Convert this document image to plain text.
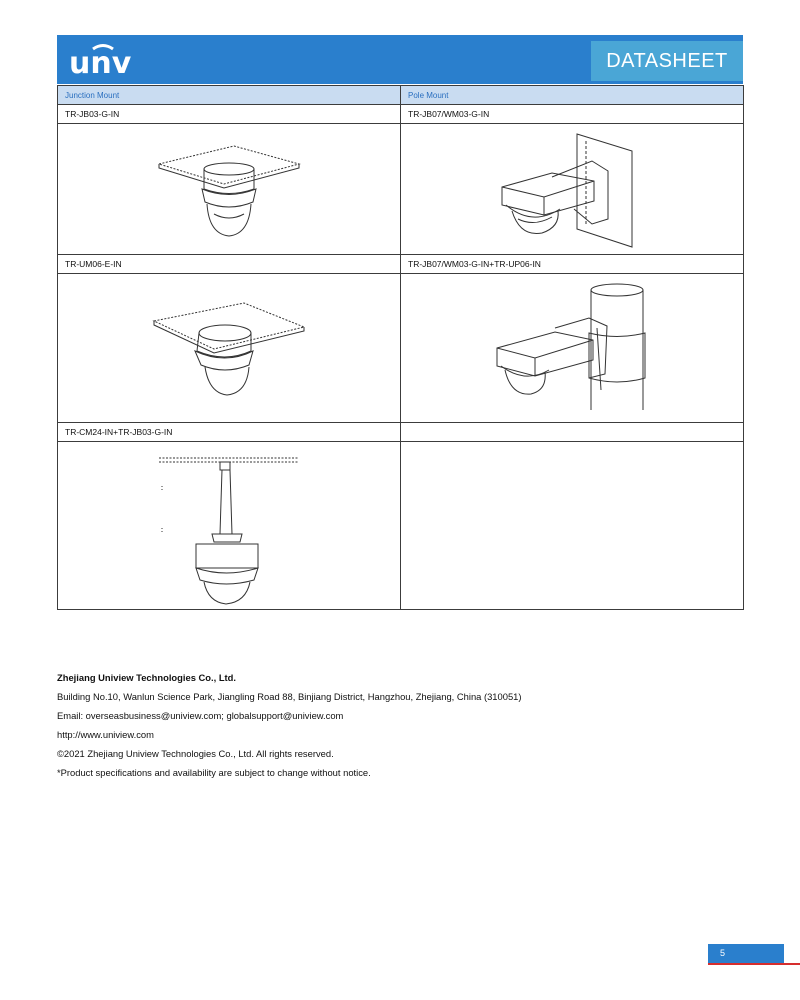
unv	DATASHEET
Junction Mount	Pole Mount
TR-JB03-G-IN	TR-JB07/WM03-G-IN

TR-UM06-E-IN	TR-JB07/WM03-G-IN+TR-UP06-IN

TR-CM24-IN+TR-JB03-G-IN	

Zhejiang Uniview Technologies Co., Ltd.
Building No.10, Wanlun Science Park, Jiangling Road 88, Binjiang District, Hangzhou, Zhejiang, China (310051)
Email: overseasbusiness@uniview.com; globalsupport@uniview.com
http://www.uniview.com
©2021 Zhejiang Uniview Technologies Co., Ltd. All rights reserved.
*Product specifications and availability are subject to change without notice.
5
